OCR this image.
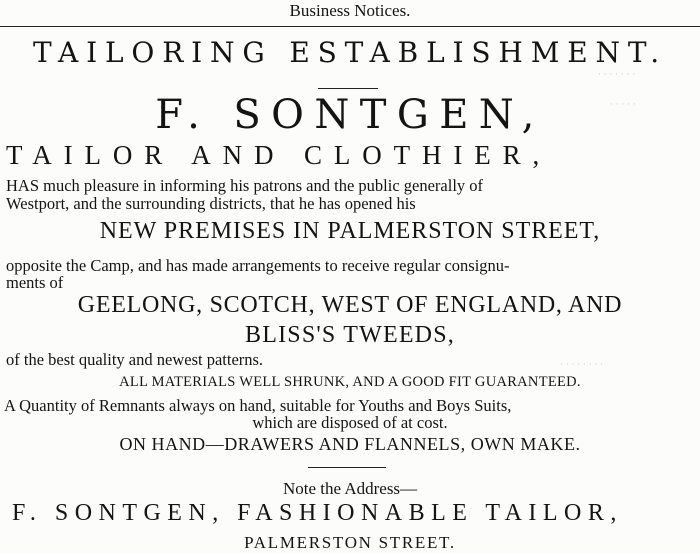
· · · · · · ·
· · · · ·
· · · · · · · ·
Business Notices.
TAILORING ESTABLISHMENT.
F. SONTGEN,
TAILOR AND CLOTHIER,
HAS much pleasure in informing his patrons and the public generally of
Westport, and the surrounding districts, that he has opened his
NEW PREMISES IN PALMERSTON STREET,
opposite the Camp, and has made arrangements to receive regular consignu-
ments of
GEELONG, SCOTCH, WEST OF ENGLAND, AND
BLISS'S TWEEDS,
of the best quality and newest patterns.
ALL MATERIALS WELL SHRUNK, AND A GOOD FIT GUARANTEED.
A Quantity of Remnants always on hand, suitable for Youths and Boys Suits,
which are disposed of at cost.
ON HAND—DRAWERS AND FLANNELS, OWN MAKE.
Note the Address—
F. SONTGEN, FASHIONABLE TAILOR,
PALMERSTON STREET.
